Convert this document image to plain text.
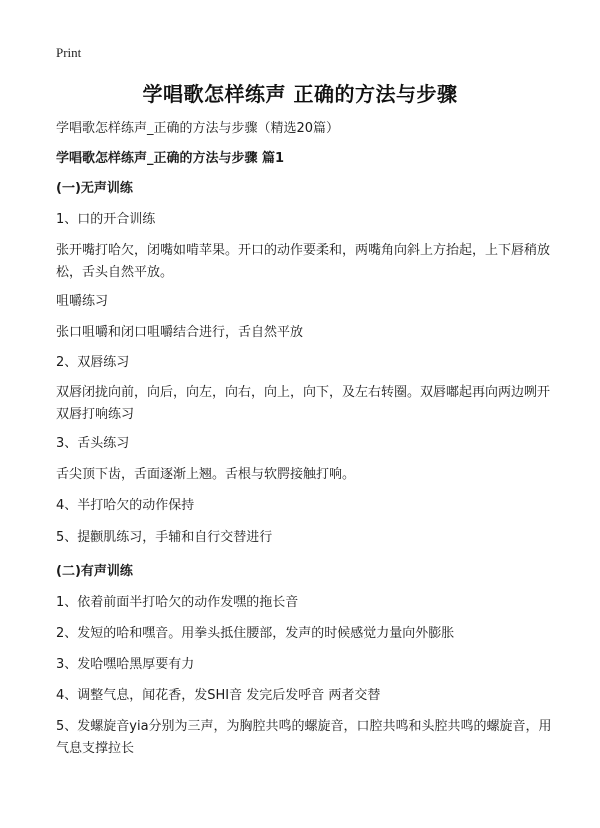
Print
学唱歌怎样练声 正确的方法与步骤
学唱歌怎样练声_正确的方法与步骤（精选20篇）
学唱歌怎样练声_正确的方法与步骤 篇1
(一)无声训练
1、口的开合训练
张开嘴打哈欠，闭嘴如啃苹果。开口的动作要柔和，两嘴角向斜上方抬起，上下唇稍放松，舌头自然平放。
咀嚼练习
张口咀嚼和闭口咀嚼结合进行，舌自然平放
2、双唇练习
双唇闭拢向前，向后，向左，向右，向上，向下，及左右转圈。双唇嘟起再向两边咧开 双唇打响练习
3、舌头练习
舌尖顶下齿，舌面逐渐上翘。舌根与软腭接触打响。
4、半打哈欠的动作保持
5、提颧肌练习，手辅和自行交替进行
(二)有声训练
1、依着前面半打哈欠的动作发嘿的拖长音
2、发短的哈和嘿音。用拳头抵住腰部，发声的时候感觉力量向外膨胀
3、发哈嘿哈黑厚要有力
4、调整气息，闻花香，发SHI音 发完后发呼音 两者交替
5、发螺旋音yia分别为三声，为胸腔共鸣的螺旋音，口腔共鸣和头腔共鸣的螺旋音，用气息支撑拉长
